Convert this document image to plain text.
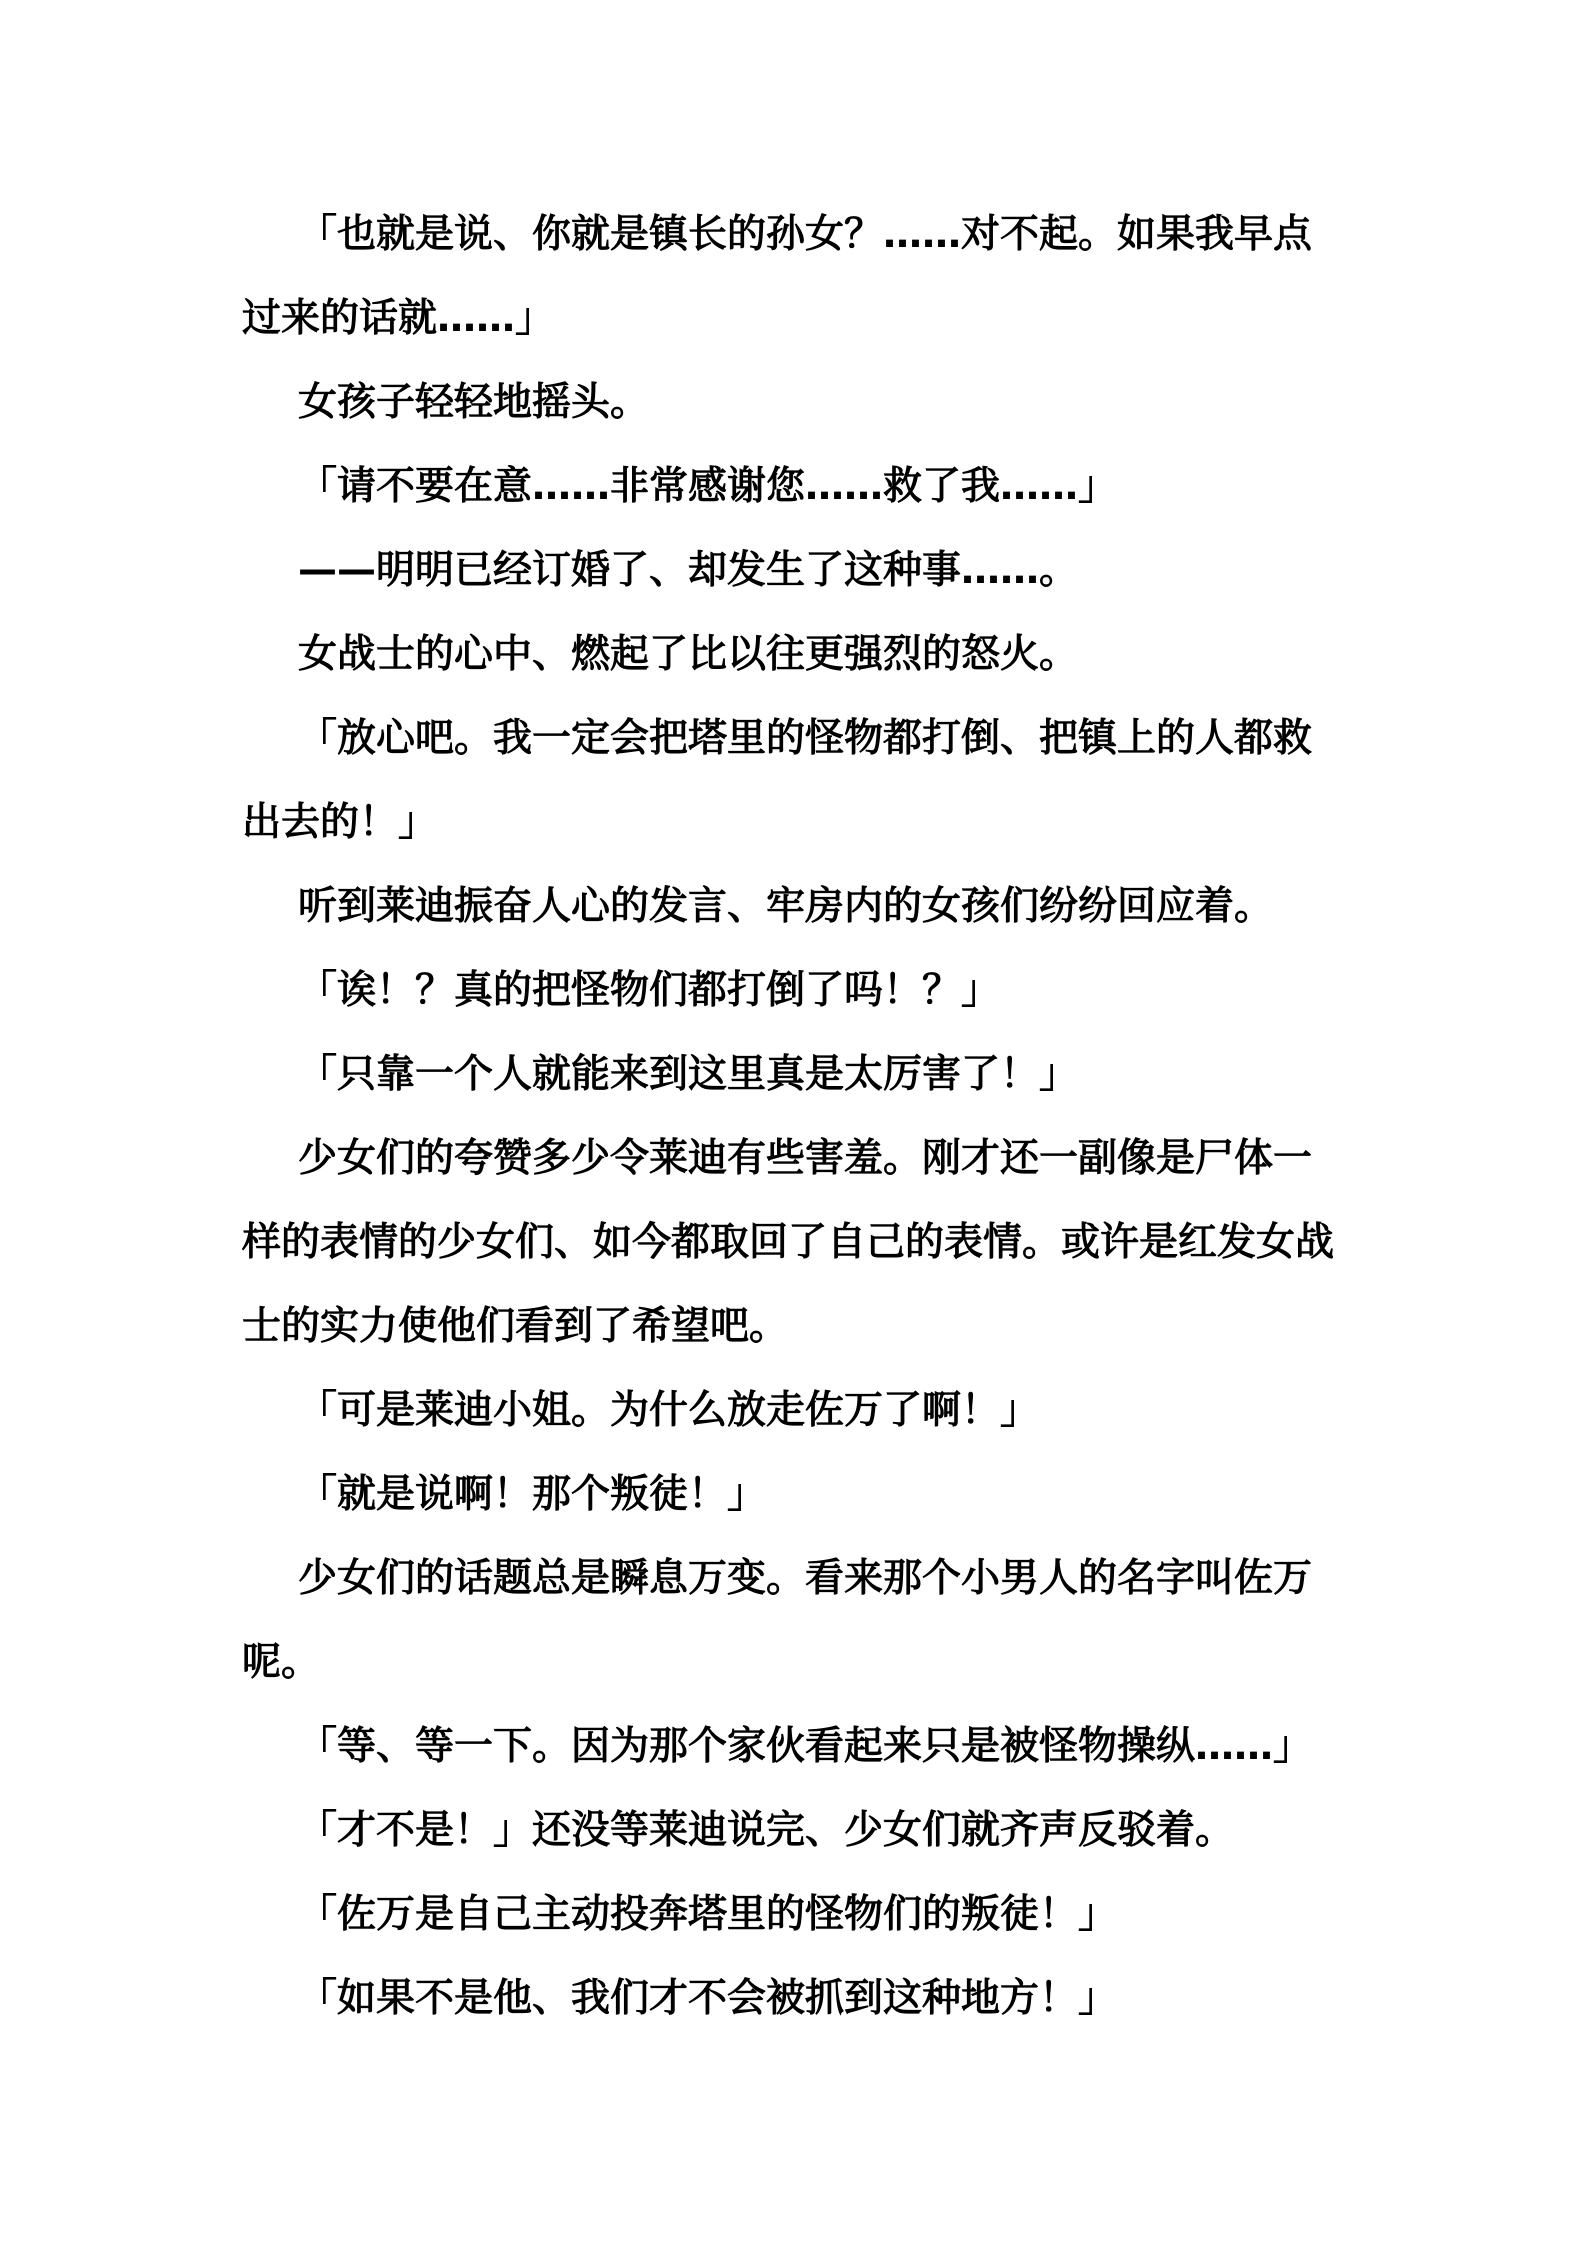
「也就是说、你就是镇长的孙女？……对不起。如果我早点
过来的话就……」
女孩子轻轻地摇头。
「请不要在意……非常感谢您……救了我……」
——明明已经订婚了、却发生了这种事……。
女战士的心中、燃起了比以往更强烈的怒火。
「放心吧。我一定会把塔里的怪物都打倒、把镇上的人都救
出去的！」
听到莱迪振奋人心的发言、牢房内的女孩们纷纷回应着。
「诶！？真的把怪物们都打倒了吗！？」
「只靠一个人就能来到这里真是太厉害了！」
少女们的夸赞多少令莱迪有些害羞。刚才还一副像是尸体一
样的表情的少女们、如今都取回了自己的表情。或许是红发女战
士的实力使他们看到了希望吧。
「可是莱迪小姐。为什么放走佐万了啊！」
「就是说啊！那个叛徒！」
少女们的话题总是瞬息万变。看来那个小男人的名字叫佐万
呢。
「等、等一下。因为那个家伙看起来只是被怪物操纵……」
「才不是！」还没等莱迪说完、少女们就齐声反驳着。
「佐万是自己主动投奔塔里的怪物们的叛徒！」
「如果不是他、我们才不会被抓到这种地方！」
